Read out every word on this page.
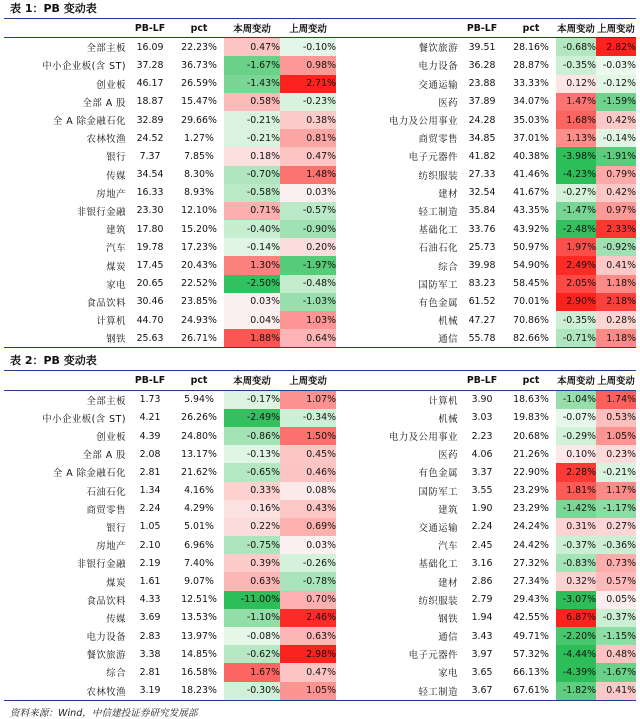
表 1：PB 变动表
	PB-LF	pct	本周变动	上周变动		PB-LF	pct	本周变动	上周变动
全部主板	16.09	22.23%	0.47%	-0.10%	餐饮旅游	39.51	28.16%	-0.68%	2.82%
中小企业板(含 ST)	37.28	36.73%	-1.67%	0.98%	电力设备	36.28	28.87%	-0.35%	-0.03%
创业板	46.17	26.59%	-1.43%	2.71%	交通运输	23.88	33.33%	0.12%	-0.12%
全部 A 股	18.87	15.47%	0.58%	-0.23%	医药	37.89	34.07%	1.47%	-1.59%
全 A 除金融石化	32.89	29.66%	-0.21%	0.38%	电力及公用事业	24.28	35.03%	1.68%	0.42%
农林牧渔	24.52	1.27%	-0.21%	0.81%	商贸零售	34.85	37.01%	1.13%	-0.14%
银行	7.37	7.85%	0.18%	0.47%	电子元器件	41.82	40.38%	-3.98%	-1.91%
传媒	34.54	8.30%	-0.70%	1.48%	纺织服装	27.33	41.46%	-4.23%	0.79%
房地产	16.33	8.93%	-0.58%	0.03%	建材	32.54	41.67%	-0.27%	0.42%
非银行金融	23.30	12.10%	0.71%	-0.57%	轻工制造	35.84	43.35%	-1.47%	0.97%
建筑	17.80	15.20%	-0.40%	-0.90%	基础化工	33.76	43.92%	-2.48%	2.33%
汽车	19.78	17.23%	-0.14%	0.20%	石油石化	25.73	50.97%	1.97%	-0.92%
煤炭	17.45	20.43%	1.30%	-1.97%	综合	39.98	54.90%	2.49%	0.41%
家电	20.65	22.52%	-2.50%	-0.48%	国防军工	83.23	58.45%	2.05%	1.18%
食品饮料	30.46	23.85%	0.03%	-1.03%	有色金属	61.52	70.01%	2.90%	2.18%
计算机	44.70	24.93%	0.04%	1.03%	机械	47.27	70.86%	-0.35%	0.28%
钢铁	25.63	26.71%	1.88%	0.64%	通信	55.78	82.66%	-0.71%	1.18%
表 2：PB 变动表
	PB-LF	pct	本周变动	上周变动		PB-LF	pct	本周变动	上周变动
全部主板	1.73	5.94%	-0.17%	1.07%	计算机	3.90	18.63%	-1.04%	1.74%
中小企业板(含 ST)	4.21	26.26%	-2.49%	-0.34%	机械	3.03	19.83%	-0.07%	0.53%
创业板	4.39	24.80%	-0.86%	1.50%	电力及公用事业	2.23	20.68%	-0.29%	1.05%
全部 A 股	2.08	13.17%	-0.13%	0.45%	医药	4.06	21.26%	0.10%	0.23%
全 A 除金融石化	2.81	21.62%	-0.65%	0.46%	有色金属	3.37	22.90%	2.28%	-0.21%
石油石化	1.34	4.16%	0.33%	0.08%	国防军工	3.55	23.29%	1.81%	1.17%
商贸零售	2.24	4.29%	0.16%	0.43%	建筑	1.90	23.29%	-1.42%	-1.17%
银行	1.05	5.01%	0.22%	0.69%	交通运输	2.24	24.24%	0.31%	0.27%
房地产	2.10	6.96%	-0.75%	0.03%	汽车	2.45	24.42%	-0.37%	-0.36%
非银行金融	2.19	7.40%	0.39%	-0.26%	基础化工	3.16	27.32%	-0.83%	0.73%
煤炭	1.61	9.07%	0.63%	-0.78%	建材	2.86	27.34%	0.32%	0.57%
食品饮料	4.33	12.51%	-11.00%	0.70%	纺织服装	2.79	29.43%	-3.07%	0.05%
传媒	3.69	13.53%	-1.10%	2.46%	钢铁	1.94	42.55%	6.87%	-0.37%
电力设备	2.83	13.97%	-0.08%	0.63%	通信	3.43	49.71%	-2.20%	-1.15%
餐饮旅游	3.38	14.85%	-0.62%	2.98%	电子元器件	3.97	57.32%	-4.44%	0.48%
综合	2.81	16.58%	1.67%	0.47%	家电	3.65	66.13%	-4.39%	-1.67%
农林牧渔	3.19	18.23%	-0.30%	1.05%	轻工制造	3.67	67.61%	-1.82%	0.41%
资料来源：Wind，中信建投证券研究发展部
